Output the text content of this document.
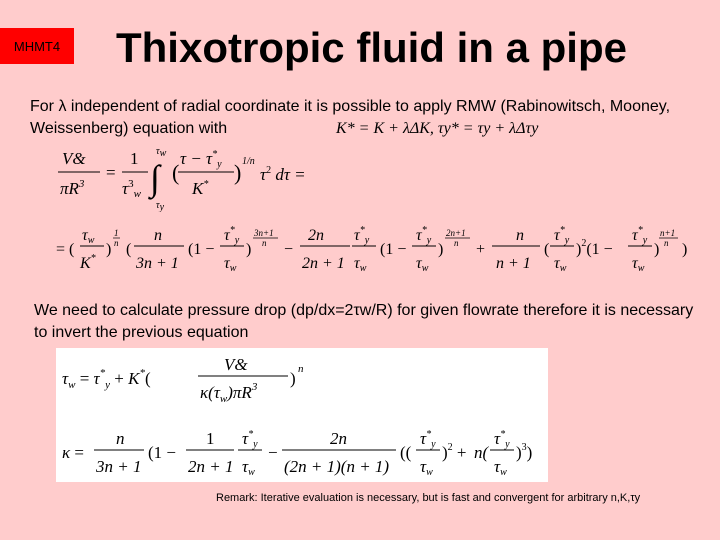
MHMT4	Thixotropic fluid in a pipe
For λ independent of radial coordinate it is possible to apply RMW (Rabinowitsch, Mooney, Weissenberg) equation with	K* = K + λΔK, τy* = τy + λΔτy
V&
$\pi R^3$
=
1
$\tau^3_w$ ∫
τw
τy
$\tau - \tau^*_y$
K*
( ) 1/n
$\tau^2$ dτ =
= (
τw
K*
)
1
n (
n
3n + 1
(1 −
$\tau^*_y$
τw
)
3n+1
n −
2n
2n + 1
$\tau^*_y$
τw
(1 −
$\tau^*_y$
τw
)
2n+1
n +
n
n + 1
(
$\tau^*_y$
τw
)$^2$(1 −
$\tau^*_y$
τw
)
n+1
n )
We need to calculate pressure drop (dp/dx=2τw/R) for given flowrate therefore it is necessary to invert the previous equation
$\tau_w = \tau^*_y + K^*$(
V&
$\kappa(\tau_w)\pi R^3$ ) n
κ =
n
3n + 1
(1 −
1
2n + 1
$\tau^*_y$
τw
−
2n
(2n + 1)(n + 1)
((
$\tau^*_y$
τw
)$^2$ + n(
$\tau^*_y$
τw
)$^3$)
Remark: Iterative evaluation is necessary, but is fast and convergent for arbitrary n,K,τy
